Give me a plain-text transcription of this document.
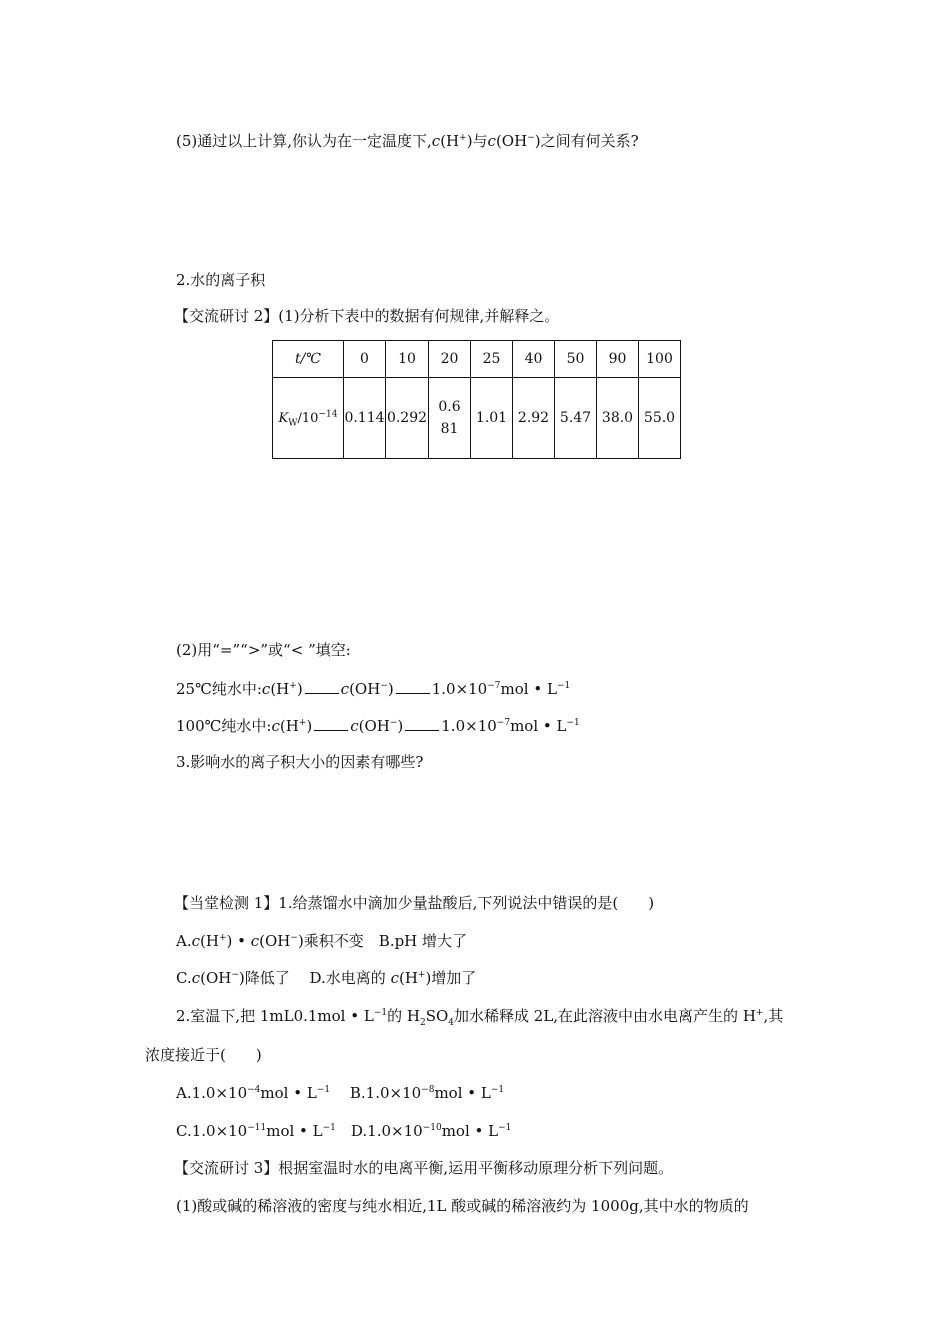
(5)通过以上计算,你认为在一定温度下,c(H+)与c(OH−)之间有何关系?
2.水的离子积
【交流研讨 2】(1)分析下表中的数据有何规律,并解释之。
t/℃	0	10	20	25	40	50	90	100
$K_W/10^{-14}$	0.114	0.292	0.681	1.01	2.92	5.47	38.0	55.0
(2)用“=”“>”或“< ”填空:
25℃纯水中:c(H+)	c(OH−)	$1.0\times 10^{-7}mol$ • $L^{-1}$
100℃纯水中:c(H+)	c(OH−)	$1.0\times 10^{-7}mol$ • $L^{-1}$
3.影响水的离子积大小的因素有哪些?
【当堂检测 1】1.给蒸馏水中滴加少量盐酸后,下列说法中错误的是(　　)
A.c(H+) • c(OH−)乘积不变　B.pH 增大了
C.c(OH−)降低了　 D.水电离的 c(H+)增加了
2.室温下,把 1mL0.1mol • $L^{-1}$的 $H_2SO_4$加水稀释成 2L,在此溶液中由水电离产生的 H+,其
浓度接近于(　　)
$A.1.0\times 10^{-4}mol$ • $L^{-1}$　 $B.1.0\times 10^{-8}mol$ • $L^{-1}$
$C.1.0\times 10^{-11}mol$ • $L^{-1}$　$D.1.0\times 10^{-10}mol$ • $L^{-1}$
【交流研讨 3】根据室温时水的电离平衡,运用平衡移动原理分析下列问题。
(1)酸或碱的稀溶液的密度与纯水相近,1L 酸或碱的稀溶液约为 1000g,其中水的物质的
